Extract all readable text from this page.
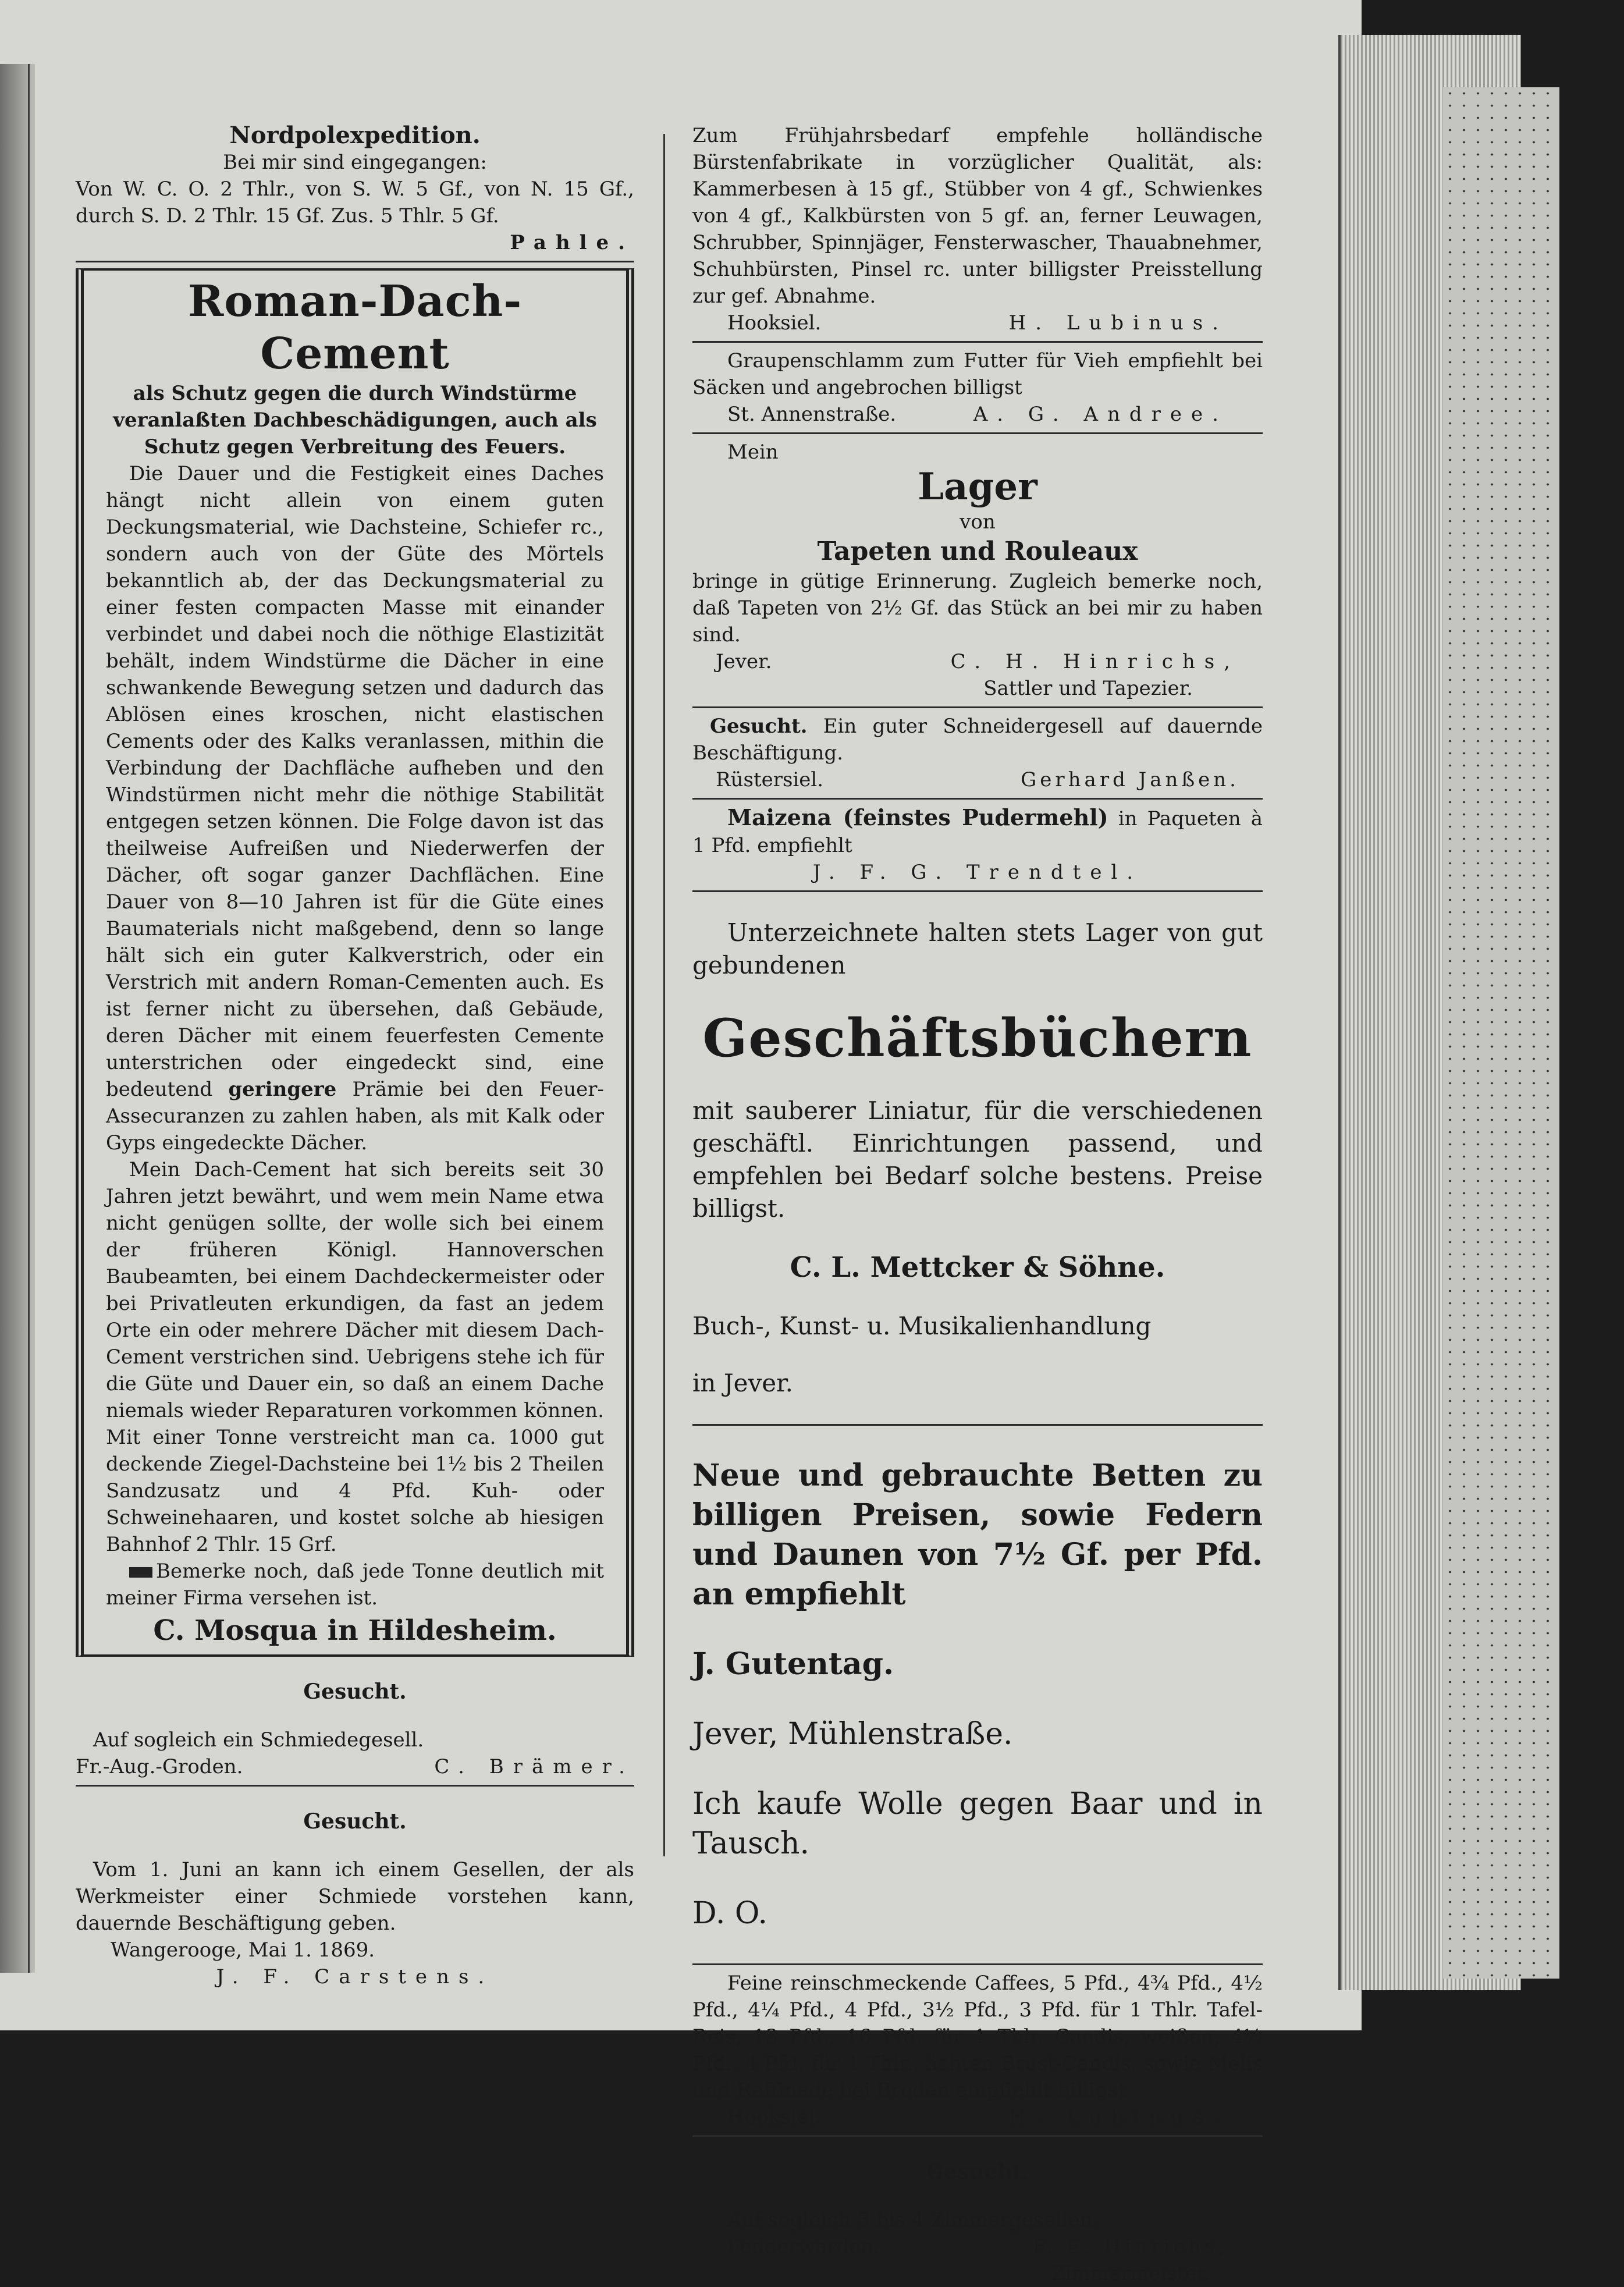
Nordpolexpedition.

Bei mir sind eingegangen:

Von W. C. O. 2 Thlr., von S. W. 5 Gf., von N. 15 Gf., durch S. D. 2 Thlr. 15 Gf. Zus. 5 Thlr. 5 Gf.

Pahle.

Roman-Dach-Cement

als Schutz gegen die durch Windstürme veranlaßten Dachbeschädigungen, auch als Schutz gegen Verbreitung des Feuers.

Die Dauer und die Festigkeit eines Daches hängt nicht allein von einem guten Deckungsmaterial, wie Dachsteine, Schiefer rc., sondern auch von der Güte des Mörtels bekanntlich ab, der das Deckungsmaterial zu einer festen compacten Masse mit einander verbindet und dabei noch die nöthige Elastizität behält, indem Windstürme die Dächer in eine schwankende Bewegung setzen und dadurch das Ablösen eines kroschen, nicht elastischen Cements oder des Kalks veranlassen, mithin die Verbindung der Dachfläche aufheben und den Windstürmen nicht mehr die nöthige Stabilität entgegen setzen können. Die Folge davon ist das theilweise Aufreißen und Niederwerfen der Dächer, oft sogar ganzer Dachflächen. Eine Dauer von 8—10 Jahren ist für die Güte eines Baumaterials nicht maßgebend, denn so lange hält sich ein guter Kalkverstrich, oder ein Verstrich mit andern Roman-Cementen auch. Es ist ferner nicht zu übersehen, daß Gebäude, deren Dächer mit einem feuerfesten Cemente unterstrichen oder eingedeckt sind, eine bedeutend geringere Prämie bei den Feuer-Assecuranzen zu zahlen haben, als mit Kalk oder Gyps eingedeckte Dächer.

Mein Dach-Cement hat sich bereits seit 30 Jahren jetzt bewährt, und wem mein Name etwa nicht genügen sollte, der wolle sich bei einem der früheren Königl. Hannoverschen Baubeamten, bei einem Dachdeckermeister oder bei Privatleuten erkundigen, da fast an jedem Orte ein oder mehrere Dächer mit diesem Dach-Cement verstrichen sind. Uebrigens stehe ich für die Güte und Dauer ein, so daß an einem Dache niemals wieder Reparaturen vorkommen können. Mit einer Tonne verstreicht man ca. 1000 gut deckende Ziegel-Dachsteine bei 1½ bis 2 Theilen Sandzusatz und 4 Pfd. Kuh- oder Schweinehaaren, und kostet solche ab hiesigen Bahnhof 2 Thlr. 15 Grf.

Bemerke noch, daß jede Tonne deutlich mit meiner Firma versehen ist.

C. Mosqua in Hildesheim.

Gesucht.

Auf sogleich ein Schmiedegesell.

Fr.-Aug.-Groden.	C. Brämer.

Gesucht.

Vom 1. Juni an kann ich einem Gesellen, der als Werkmeister einer Schmiede vorstehen kann, dauernde Beschäftigung geben.

Wangerooge, Mai 1. 1869.

J. F. Carstens.

Zum Frühjahrsbedarf empfehle holländische Bürstenfabrikate in vorzüglicher Qualität, als: Kammerbesen à 15 gf., Stübber von 4 gf., Schwienkes von 4 gf., Kalkbürsten von 5 gf. an, ferner Leuwagen, Schrubber, Spinnjäger, Fensterwascher, Thauabnehmer, Schuhbürsten, Pinsel rc. unter billigster Preisstellung zur gef. Abnahme.

Hooksiel.	H. Lubinus.

Graupenschlamm zum Futter für Vieh empfiehlt bei Säcken und angebrochen billigst

St. Annenstraße.	A. G. Andree.

Mein

Lager

von

Tapeten und Rouleaux

bringe in gütige Erinnerung. Zugleich bemerke noch, daß Tapeten von 2½ Gf. das Stück an bei mir zu haben sind.

Jever.	C. H. Hinrichs,

Sattler und Tapezier.

Gesucht. Ein guter Schneidergesell auf dauernde Beschäftigung.

Rüstersiel.	Gerhard Janßen.

Maizena (feinstes Pudermehl) in Paqueten à 1 Pfd. empfiehlt

J. F. G. Trendtel.

Unterzeichnete halten stets Lager von gut gebundenen

Geschäftsbüchern

mit sauberer Liniatur, für die verschiedenen geschäftl. Einrichtungen passend, und empfehlen bei Bedarf solche bestens. Preise billigst.

C. L. Mettcker & Söhne.

Buch-, Kunst- u. Musikalienhandlung

in Jever.

Neue und gebrauchte Betten zu billigen Preisen, sowie Federn und Daunen von 7½ Gf. per Pfd. an empfiehlt

J. Gutentag.

Jever, Mühlenstraße.

Ich kaufe Wolle gegen Baar und in Tausch.

D. O.

Feine reinschmeckende Caffees, 5 Pfd., 4¾ Pfd., 4½ Pfd., 4¼ Pfd., 4 Pfd., 3½ Pfd., 3 Pfd. für 1 Thlr. Tafel-Reis, 13 Pfd., 16 Pfd. für 1 Thlr. Candis, weißen, 4½ Pfd., 4 Pfd. für 1 Thlr., ächten Brust-Candis, sowie Melis und Raffinade bei Broden empfiehlt billigst

Hooksiel.	H. Lubinus.

Gesucht.

Auf sogleich 3 bis 4 Zimmergesellen.

Fedderwarden.	F. E. Hinrichs,

Zimmermeister.
